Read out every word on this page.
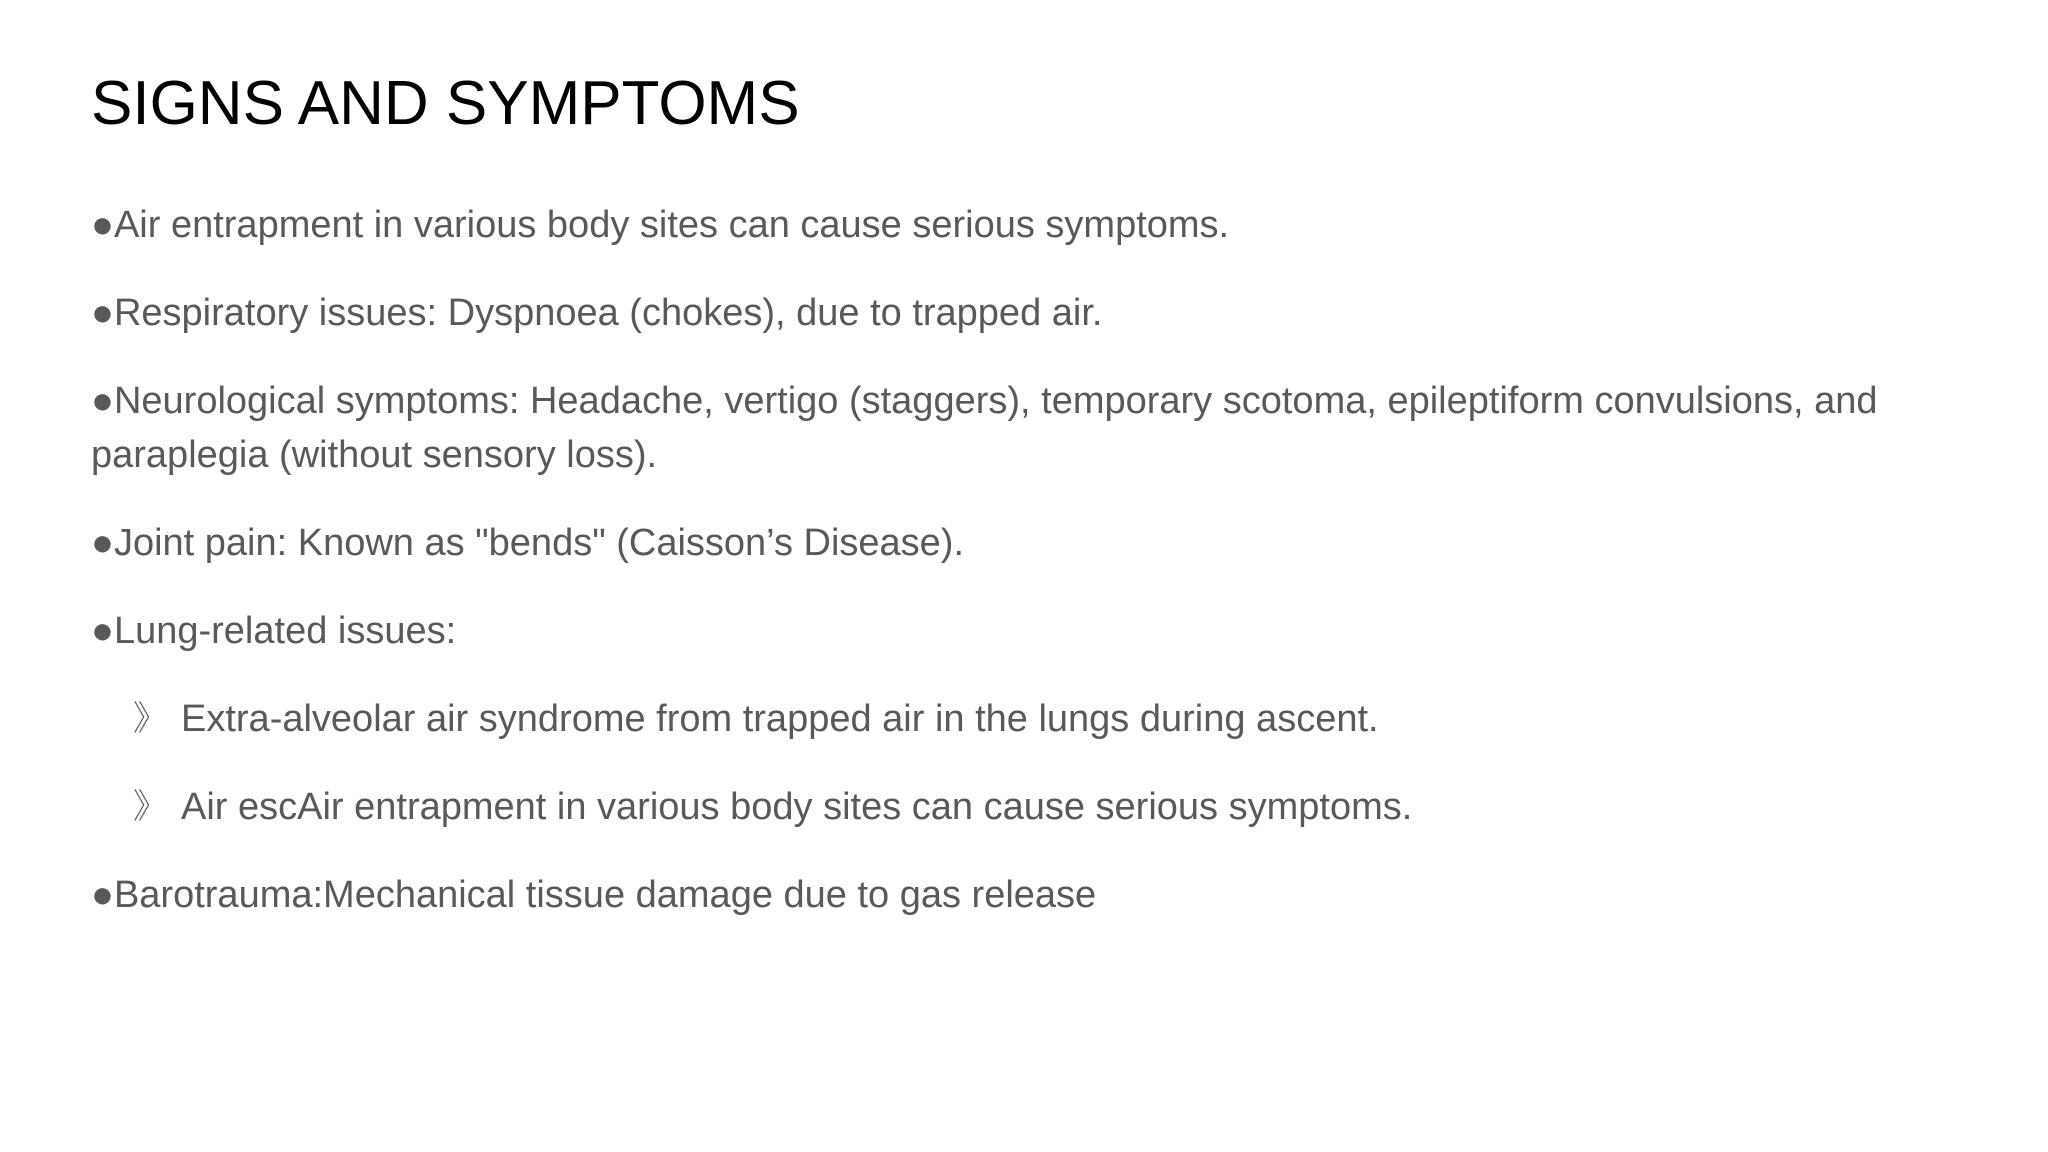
SIGNS AND SYMPTOMS
●Air entrapment in various body sites can cause serious symptoms.
●Respiratory issues: Dyspnoea (chokes), due to trapped air.
●Neurological symptoms: Headache, vertigo (staggers), temporary scotoma, epileptiform convulsions, and paraplegia (without sensory loss).
●Joint pain: Known as "bends" (Caisson’s Disease).
●Lung-related issues:
》 Extra-alveolar air syndrome from trapped air in the lungs during ascent.
》 Air escAir entrapment in various body sites can cause serious symptoms.
●Barotrauma:Mechanical tissue damage due to gas release
